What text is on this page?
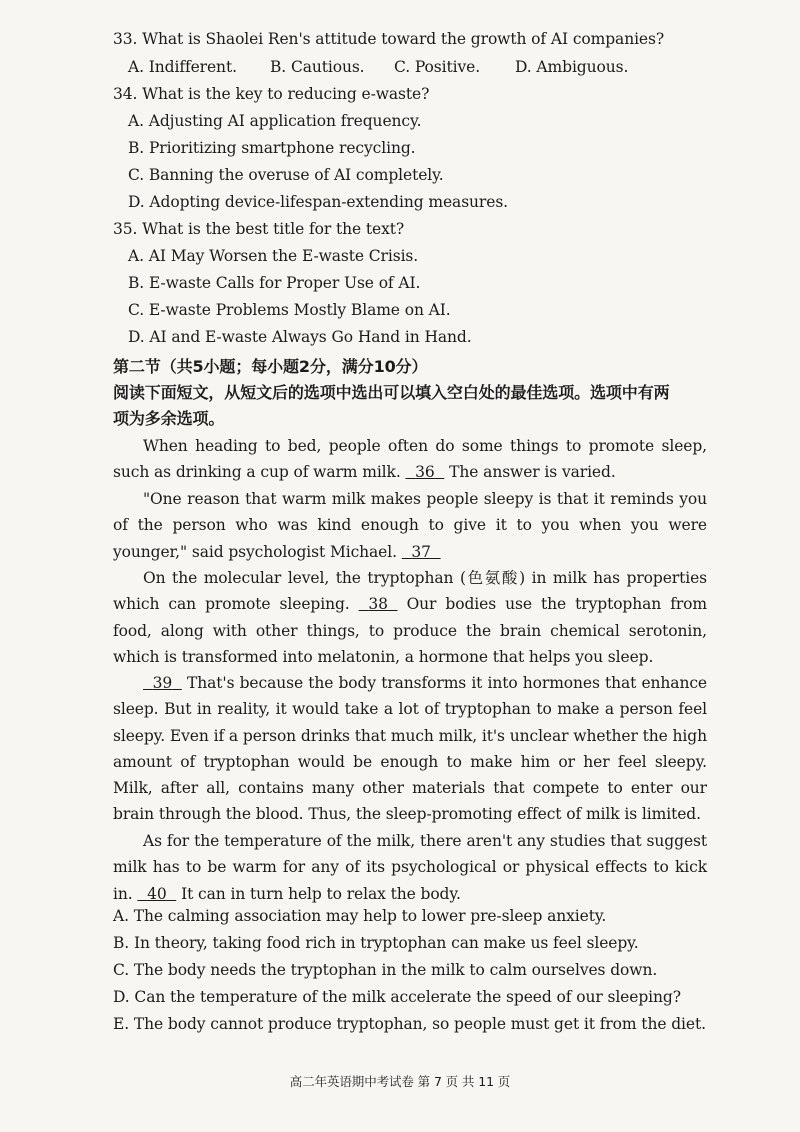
33. What is Shaolei Ren's attitude toward the growth of AI companies?
A. Indifferent. B. Cautious. C. Positive. D. Ambiguous.
34. What is the key to reducing e-waste?
A. Adjusting AI application frequency.
B. Prioritizing smartphone recycling.
C. Banning the overuse of AI completely.
D. Adopting device-lifespan-extending measures.
35. What is the best title for the text?
A. AI May Worsen the E-waste Crisis.
B. E-waste Calls for Proper Use of AI.
C. E-waste Problems Mostly Blame on AI.
D. AI and E-waste Always Go Hand in Hand.
第二节（共5小题；每小题2分，满分10分）
阅读下面短文，从短文后的选项中选出可以填入空白处的最佳选项。选项中有两
项为多余选项。

When heading to bed, people often do some things to promote sleep, such as drinking a cup of warm milk.   36   The answer is varied.

"One reason that warm milk makes people sleepy is that it reminds you of the person who was kind enough to give it to you when you were younger," said psychologist Michael.   37

On the molecular level, the tryptophan (色氨酸) in milk has properties which can promote sleeping.   38   Our bodies use the tryptophan from food, along with other things, to produce the brain chemical serotonin, which is transformed into melatonin, a hormone that helps you sleep.

39   That's because the body transforms it into hormones that enhance sleep. But in reality, it would take a lot of tryptophan to make a person feel sleepy. Even if a person drinks that much milk, it's unclear whether the high amount of tryptophan would be enough to make him or her feel sleepy. Milk, after all, contains many other materials that compete to enter our brain through the blood. Thus, the sleep-promoting effect of milk is limited.

As for the temperature of the milk, there aren't any studies that suggest milk has to be warm for any of its psychological or physical effects to kick in.   40   It can in turn help to relax the body.

A. The calming association may help to lower pre-sleep anxiety.
B. In theory, taking food rich in tryptophan can make us feel sleepy.
C. The body needs the tryptophan in the milk to calm ourselves down.
D. Can the temperature of the milk accelerate the speed of our sleeping?
E. The body cannot produce tryptophan, so people must get it from the diet.
高二年英语期中考试卷 第 7 页 共 11 页
